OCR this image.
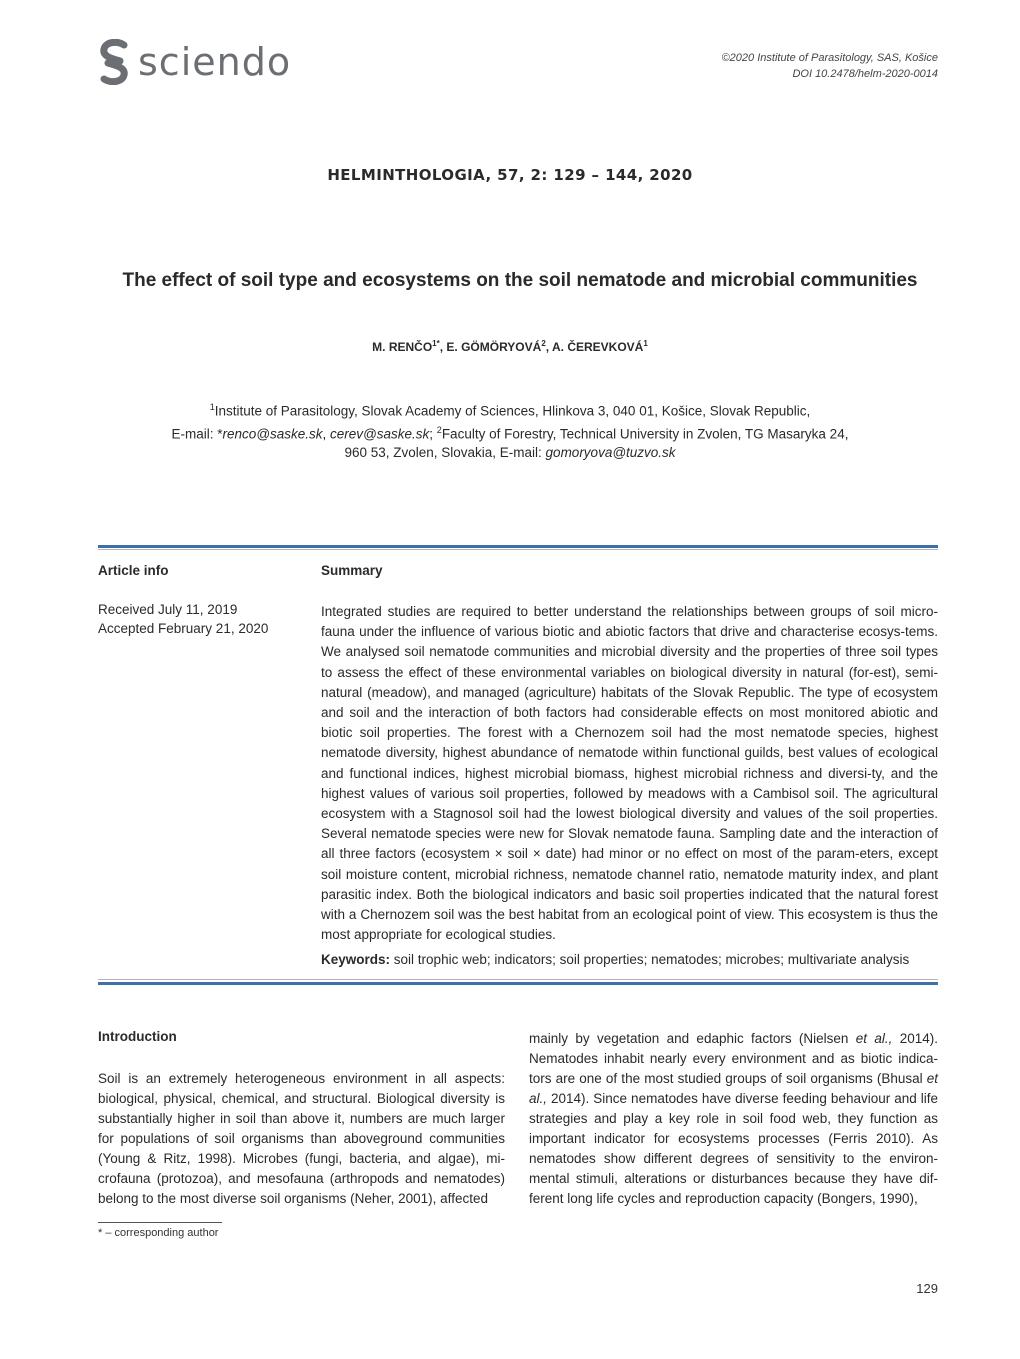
sciendo	©2020 Institute of Parasitology, SAS, Košice
DOI 10.2478/helm-2020-0014
HELMINTHOLOGIA, 57, 2: 129 – 144, 2020
The effect of soil type and ecosystems on the soil nematode and microbial communities
M. $RENČO^{1*}$, E. GÖMÖRYOVÁ$^2$, A. ČEREVKOVÁ$^1$
$^1$Institute of Parasitology, Slovak Academy of Sciences, Hlinkova 3, 040 01, Košice, Slovak Republic,
E-mail: *renco@saske.sk, cerev@saske.sk; $^2$Faculty of Forestry, Technical University in Zvolen, TG Masaryka 24,
960 53, Zvolen, Slovakia, E-mail: gomoryova@tuzvo.sk
Article info	Summary
Received July 11, 2019
Accepted February 21, 2020
Integrated studies are required to better understand the relationships between groups of soil micro-fauna under the influence of various biotic and abiotic factors that drive and characterise ecosys-tems. We analysed soil nematode communities and microbial diversity and the properties of three soil types to assess the effect of these environmental variables on biological diversity in natural (for-est), semi-natural (meadow), and managed (agriculture) habitats of the Slovak Republic. The type of ecosystem and soil and the interaction of both factors had considerable effects on most monitored abiotic and biotic soil properties. The forest with a Chernozem soil had the most nematode species, highest nematode diversity, highest abundance of nematode within functional guilds, best values of ecological and functional indices, highest microbial biomass, highest microbial richness and diversi-ty, and the highest values of various soil properties, followed by meadows with a Cambisol soil. The agricultural ecosystem with a Stagnosol soil had the lowest biological diversity and values of the soil properties. Several nematode species were new for Slovak nematode fauna. Sampling date and the interaction of all three factors (ecosystem × soil × date) had minor or no effect on most of the param-eters, except soil moisture content, microbial richness, nematode channel ratio, nematode maturity index, and plant parasitic index. Both the biological indicators and basic soil properties indicated that the natural forest with a Chernozem soil was the best habitat from an ecological point of view. This ecosystem is thus the most appropriate for ecological studies.
Keywords: soil trophic web; indicators; soil properties; nematodes; microbes; multivariate analysis
Introduction
Soil is an extremely heterogeneous environment in all aspects: biological, physical, chemical, and structural. Biological diversity is substantially higher in soil than above it, numbers are much larger for populations of soil organisms than aboveground communities (Young & Ritz, 1998). Microbes (fungi, bacteria, and algae), mi-crofauna (protozoa), and mesofauna (arthropods and nematodes) belong to the most diverse soil organisms (Neher, 2001), affected
mainly by vegetation and edaphic factors (Nielsen et al., 2014). Nematodes inhabit nearly every environment and as biotic indica-tors are one of the most studied groups of soil organisms (Bhusal et al., 2014). Since nematodes have diverse feeding behaviour and life strategies and play a key role in soil food web, they function as important indicator for ecosystems processes (Ferris 2010). As nematodes show different degrees of sensitivity to the environ-mental stimuli, alterations or disturbances because they have dif-ferent long life cycles and reproduction capacity (Bongers, 1990),
* – corresponding author
129
